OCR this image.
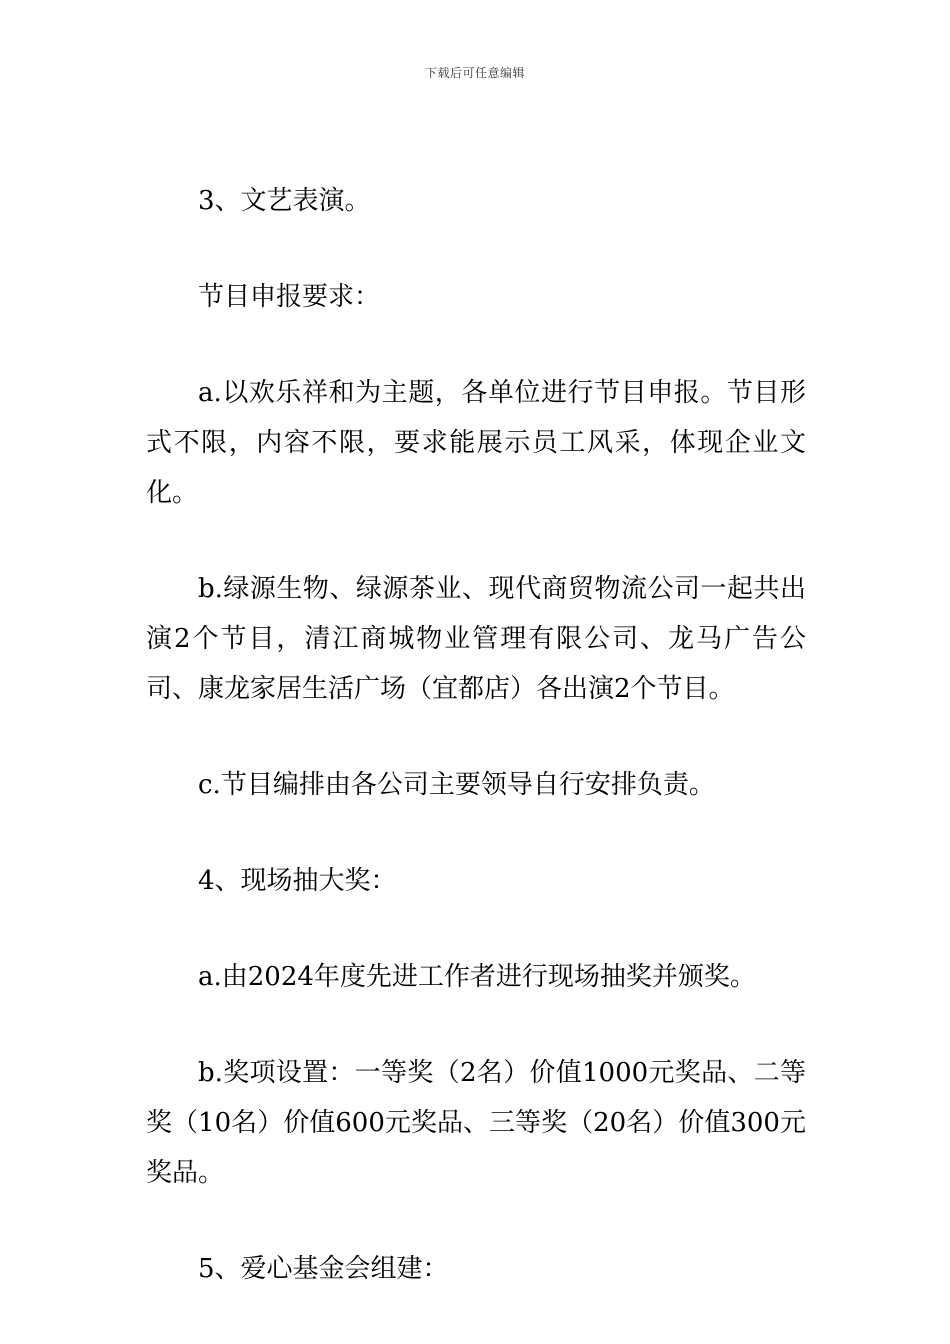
下载后可任意编辑

3、文艺表演。

节目申报要求：

a.以欢乐祥和为主题，各单位进行节目申报。节目形式不限，内容不限，要求能展示员工风采，体现企业文化。

b.绿源生物、绿源茶业、现代商贸物流公司一起共出演2个节目，清江商城物业管理有限公司、龙马广告公司、康龙家居生活广场（宜都店）各出演2个节目。

c.节目编排由各公司主要领导自行安排负责。

4、现场抽大奖：

a.由2024年度先进工作者进行现场抽奖并颁奖。

b.奖项设置：一等奖（2名）价值1000元奖品、二等奖（10名）价值600元奖品、三等奖（20名）价值300元奖品。

5、爱心基金会组建：
